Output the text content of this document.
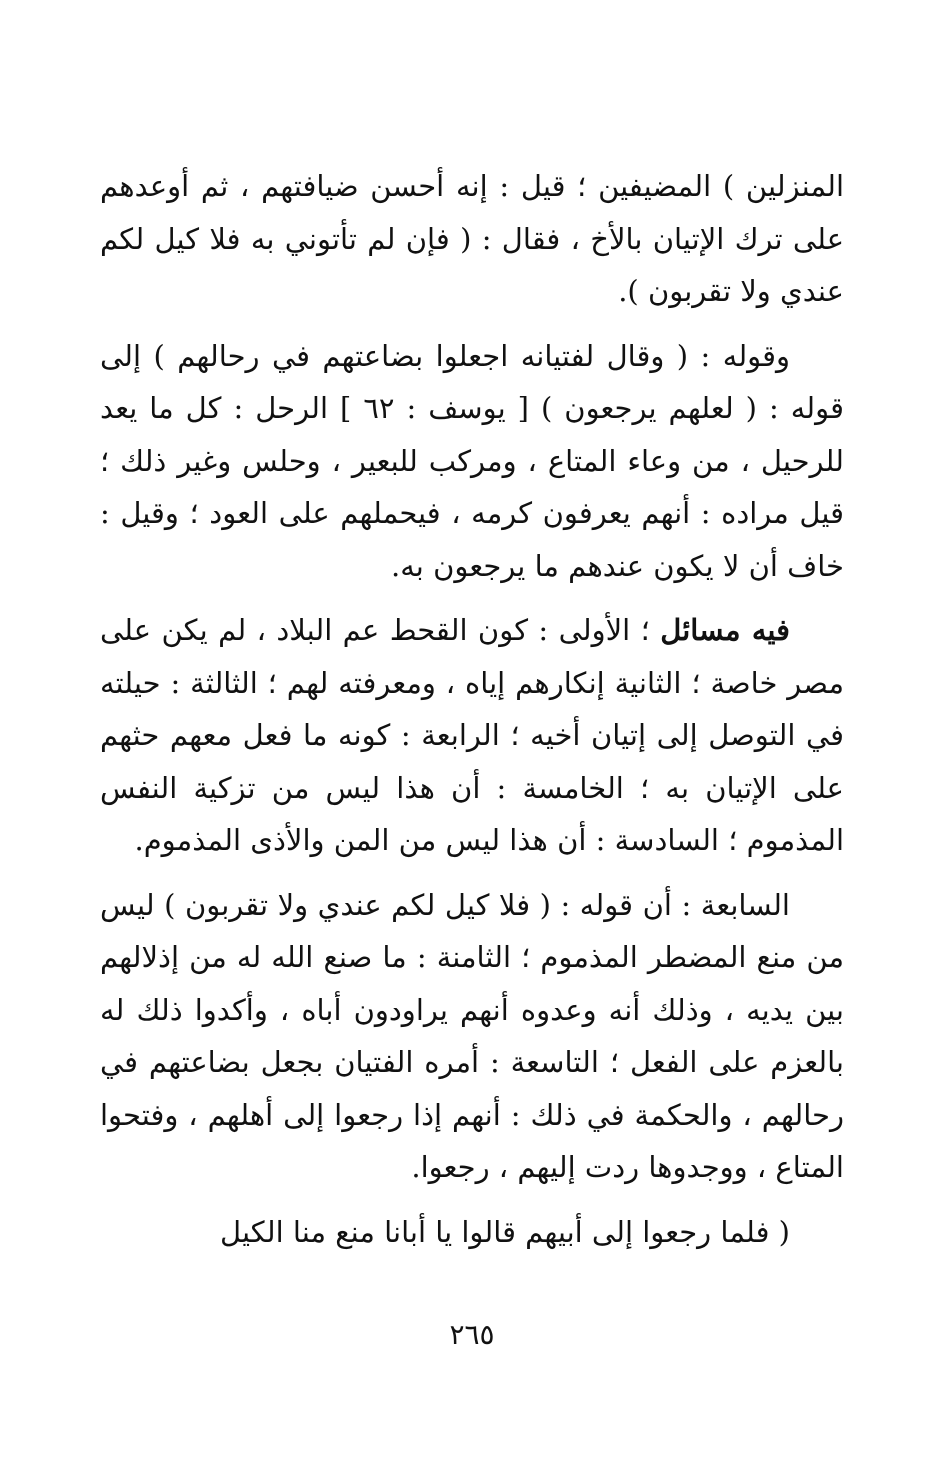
المنزلين ) المضيفين ؛ قيل : إنه أحسن ضيافتهم ، ثم أوعدهم على ترك الإتيان بالأخ ، فقال : ( فإن لم تأتوني به فلا كيل لكم عندي ولا تقربون ).

وقوله : ( وقال لفتيانه اجعلوا بضاعتهم في رحالهم ) إلى قوله : ( لعلهم يرجعون ) [ يوسف : ٦٢ ] الرحل : كل ما يعد للرحيل ، من وعاء المتاع ، ومركب للبعير ، وحلس وغير ذلك ؛ قيل مراده : أنهم يعرفون كرمه ، فيحملهم على العود ؛ وقيل : خاف أن لا يكون عندهم ما يرجعون به.

فيه مسائل ؛ الأولى : كون القحط عم البلاد ، لم يكن على مصر خاصة ؛ الثانية إنكارهم إياه ، ومعرفته لهم ؛ الثالثة : حيلته في التوصل إلى إتيان أخيه ؛ الرابعة : كونه ما فعل معهم حثهم على الإتيان به ؛ الخامسة : أن هذا ليس من تزكية النفس المذموم ؛ السادسة : أن هذا ليس من المن والأذى المذموم.

السابعة : أن قوله : ( فلا كيل لكم عندي ولا تقربون ) ليس من منع المضطر المذموم ؛ الثامنة : ما صنع الله له من إذلالهم بين يديه ، وذلك أنه وعدوه أنهم يراودون أباه ، وأكدوا ذلك له بالعزم على الفعل ؛ التاسعة : أمره الفتيان بجعل بضاعتهم في رحالهم ، والحكمة في ذلك : أنهم إذا رجعوا إلى أهلهم ، وفتحوا المتاع ، ووجدوها ردت إليهم ، رجعوا.

( فلما رجعوا إلى أبيهم قالوا يا أبانا منع منا الكيل

٢٦٥
